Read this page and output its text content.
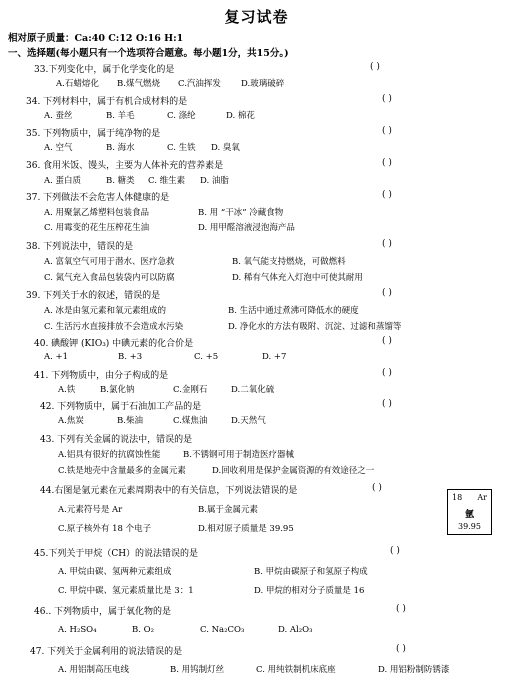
复习试卷
相对原子质量：Ca:40 C:12 O:16 H:1
一、选择题(每小题只有一个选项符合题意。每小题1分，共15分。)
33.下列变化中，属于化学变化的是	( )
A.石蜡熔化 B.煤气燃烧 C.汽油挥发 D.玻璃破碎
34. 下列材料中，属于有机合成材料的是	( )
A. 蚕丝	B. 羊毛	C. 涤纶	D. 棉花
35. 下列物质中，属于纯净物的是	( )
A. 空气	B. 海水	C. 生铁 D. 臭氧
36. 食用米饭、馒头，主要为人体补充的营养素是	( )
A. 蛋白质	B. 糖类 C. 维生素 D. 油脂
37. 下列做法不会危害人体健康的是	( )
A. 用聚氯乙烯塑料包装食品	B. 用 “干冰” 冷藏食物
C. 用霉变的花生压榨花生油	D. 用甲醛溶液浸泡海产品
38. 下列说法中，错误的是	( )
A. 富氧空气可用于潜水、医疗急救	B. 氧气能支持燃烧，可做燃料
C. 氮气充入食品包装袋内可以防腐	D. 稀有气体充入灯泡中可使其耐用
39. 下列关于水的叙述，错误的是	( )
A. 冰是由氢元素和氧元素组成的	B. 生活中通过煮沸可降低水的硬度
C. 生活污水直接排放不会造成水污染	D. 净化水的方法有吸附、沉淀、过滤和蒸馏等
40. 碘酸钾 (KIO₃) 中碘元素的化合价是	( )
A. +1	B. +3	C. +5	D. +7
41. 下列物质中，由分子构成的是	( )
A.铁	B.氯化钠	C.金刚石	D.二氧化硫
42. 下列物质中，属于石油加工产品的是	( )
A.焦炭	B.柴油	C.煤焦油	D.天然气
43. 下列有关金属的说法中，错误的是
A.铝具有很好的抗腐蚀性能	B.不锈钢可用于制造医疗器械
C.铁是地壳中含量最多的金属元素	D.回收利用是保护金属资源的有效途径之一
44.右图是氩元素在元素周期表中的有关信息，下列说法错误的是	( )
A.元素符号是 Ar	B.属于金属元素
C.原子核外有 18 个电子	D.相对原子质量是 39.95
18 Ar
氩
39.95
45.下列关于甲烷（CH）的说法错误的是	( )
A. 甲烷由碳、氢两种元素组成	B. 甲烷由碳原子和氢原子构成
C. 甲烷中碳、氢元素质量比是 3：1	D. 甲烷的相对分子质量是 16
46.. 下列物质中，属于氧化物的是	( )
A. H₂SO₄	B. O₂	C. Na₂CO₃	D. Al₂O₃
47. 下列关于金属利用的说法错误的是	( )
A. 用铝制高压电线	B. 用钨制灯丝	C. 用纯铁制机床底座	D. 用铝粉制防锈漆
